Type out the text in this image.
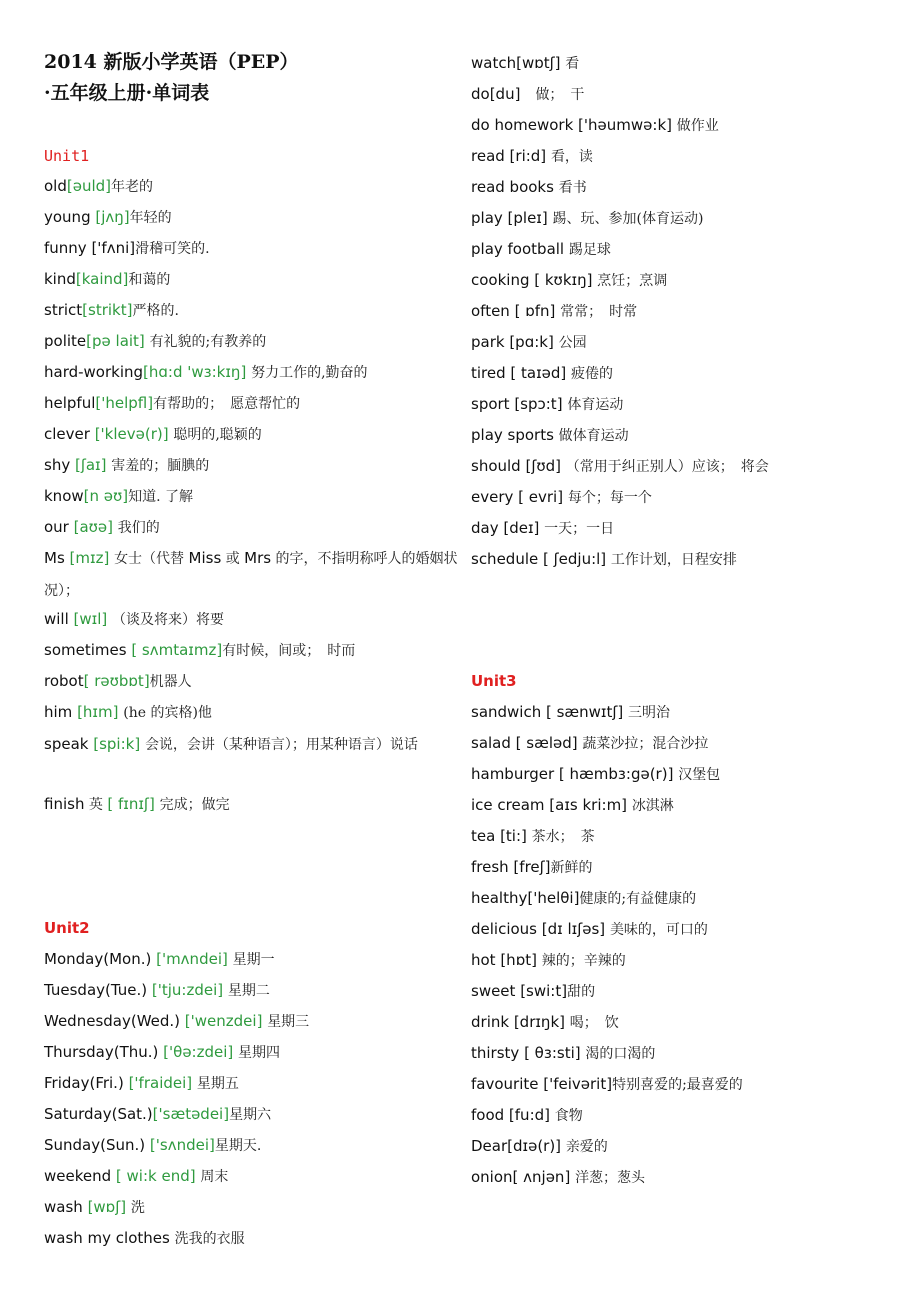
2014 新版小学英语（PEP）
·五年级上册·单词表
Unit1
old[əuld]年老的
young [jʌŋ]年轻的
funny ['fʌni]滑稽可笑的.
kind[kaind]和蔼的
strict[strikt]严格的.
polite[pə lait] 有礼貌的;有教养的
hard-working[hɑ:d 'wɜ:kɪŋ] 努力工作的,勤奋的
helpful['helpfl]有帮助的；　愿意帮忙的
clever ['klevə(r)] 聪明的,聪颖的
shy [ʃaɪ] 害羞的；腼腆的
know[n əʊ]知道. 了解
our [aʊə] 我们的
Ms [mɪz] 女士（代替 Miss 或 Mrs 的字，不指明称呼人的婚姻状况）；
will [wɪl] （谈及将来）将要
sometimes [ sʌmtaɪmz]有时候，间或；　时而
robot[ rəʊbɒt]机器人
him [hɪm] (he 的宾格)他
speak [spi:k] 会说，会讲（某种语言）；用某种语言）说话
finish 英 [ fɪnɪʃ] 完成；做完
Unit2
Monday(Mon.) ['mʌndei] 星期一
Tuesday(Tue.) ['tju:zdei] 星期二
Wednesday(Wed.) ['wenzdei] 星期三
Thursday(Thu.) ['θə:zdei] 星期四
Friday(Fri.) ['fraidei] 星期五
Saturday(Sat.)['sætədei]星期六
Sunday(Sun.) ['sʌndei]星期天.
weekend [ wi:k end] 周末
wash [wɒʃ] 洗
wash my clothes 洗我的衣服
watch[wɒtʃ] 看
do[du]　做；　干
do homework ['həumwə:k] 做作业
read [ri:d] 看，读
read books 看书
play [pleɪ] 踢、玩、参加(体育运动)
play football 踢足球
cooking [ kʊkɪŋ] 烹饪；烹调
often [ ɒfn] 常常；　时常
park [pɑ:k] 公园
tired [ taɪəd] 疲倦的
sport [spɔ:t] 体育运动
play sports 做体育运动
should [ʃʊd] （常用于纠正别人）应该；　将会
every [ evri] 每个；每一个
day [deɪ] 一天；一日
schedule [ ʃedju:l] 工作计划，日程安排
Unit3
sandwich [ sænwɪtʃ] 三明治
salad [ sæləd] 蔬菜沙拉；混合沙拉
hamburger [ hæmbɜ:gə(r)] 汉堡包
ice cream [aɪs kri:m] 冰淇淋
tea [ti:] 茶水；　茶
fresh [freʃ]新鲜的
healthy['helθi]健康的;有益健康的
delicious [dɪ lɪʃəs] 美味的，可口的
hot [hɒt] 辣的；辛辣的
sweet [swi:t]甜的
drink [drɪŋk] 喝；　饮
thirsty [ θɜ:sti] 渴的口渴的
favourite ['feivərit]特别喜爱的;最喜爱的
food [fu:d] 食物
Dear[dɪə(r)] 亲爱的
onion[ ʌnjən] 洋葱；葱头
